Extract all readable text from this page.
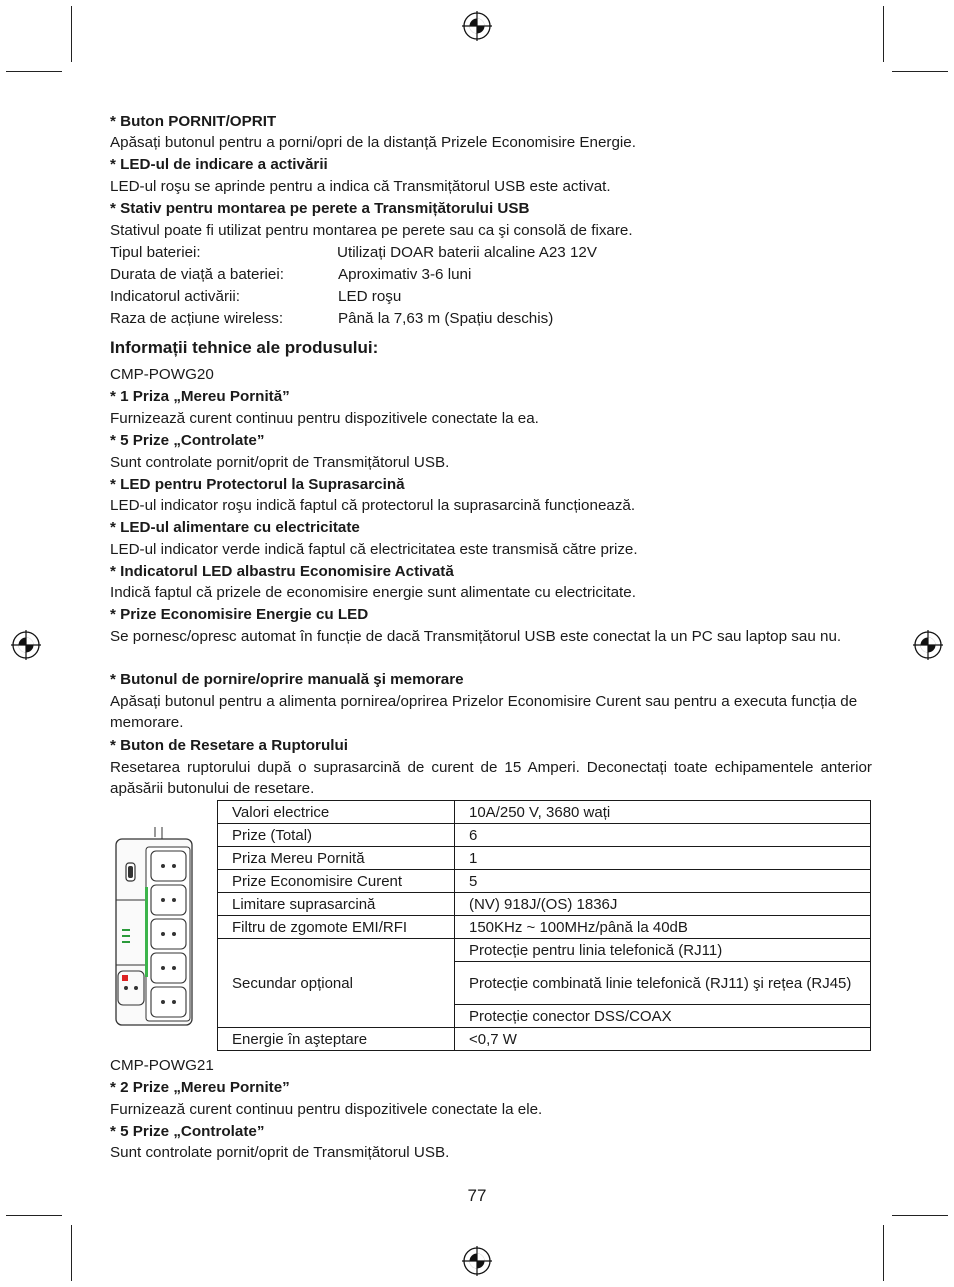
* Buton PORNIT/OPRIT
Apăsați butonul pentru a porni/opri de la distanță Prizele Economisire Energie.
* LED-ul de indicare a activării
LED-ul roşu se aprinde pentru a indica că Transmițătorul USB este activat.
* Stativ pentru montarea pe perete a Transmițătorului USB
Stativul poate fi utilizat pentru montarea pe perete sau ca şi consolă de fixare.
Tipul bateriei:	Utilizați DOAR baterii alcaline A23 12V
Durata de viață a bateriei:	Aproximativ 3-6 luni
Indicatorul activării:	LED roşu
Raza de acțiune wireless:	Până la 7,63 m (Spațiu deschis)
Informații tehnice ale produsului:
CMP-POWG20
* 1 Priza „Mereu Pornită”
Furnizează curent continuu pentru dispozitivele conectate la ea.
* 5 Prize „Controlate”
Sunt controlate pornit/oprit de Transmițătorul USB.
* LED pentru Protectorul la Suprasarcină
LED-ul indicator roşu indică faptul că protectorul la suprasarcină funcționează.
* LED-ul alimentare cu electricitate
LED-ul indicator verde indică faptul că electricitatea este transmisă către prize.
* Indicatorul LED albastru Economisire Activată
Indică faptul că prizele de economisire energie sunt alimentate cu electricitate.
* Prize Economisire Energie cu LED
Se pornesc/opresc automat în funcție de dacă Transmițătorul USB este conectat la un PC sau laptop sau nu.
* Butonul de pornire/oprire manuală şi memorare
Apăsați butonul pentru a alimenta pornirea/oprirea Prizelor Economisire Curent sau pentru a executa funcția de memorare.
* Buton de Resetare a Ruptorului
Resetarea ruptorului după o suprasarcină de curent de 15 Amperi. Deconectați toate echipamentele anterior apăsării butonului de resetare.
Valori electrice	10A/250 V, 3680 wați
Prize (Total)	6
Priza Mereu Pornită	1
Prize Economisire Curent	5
Limitare suprasarcină	(NV) 918J/(OS) 1836J
Filtru de zgomote EMI/RFI	150KHz ~ 100MHz/până la 40dB
Secundar opțional	Protecție pentru linia telefonică (RJ11)
	Protecție combinată linie telefonică (RJ11) şi rețea (RJ45)
	Protecție conector DSS/COAX
Energie în aşteptare	<0,7 W
CMP-POWG21
* 2 Prize „Mereu Pornite”
Furnizează curent continuu pentru dispozitivele conectate la ele.
* 5 Prize „Controlate”
Sunt controlate pornit/oprit de Transmițătorul USB.
77
